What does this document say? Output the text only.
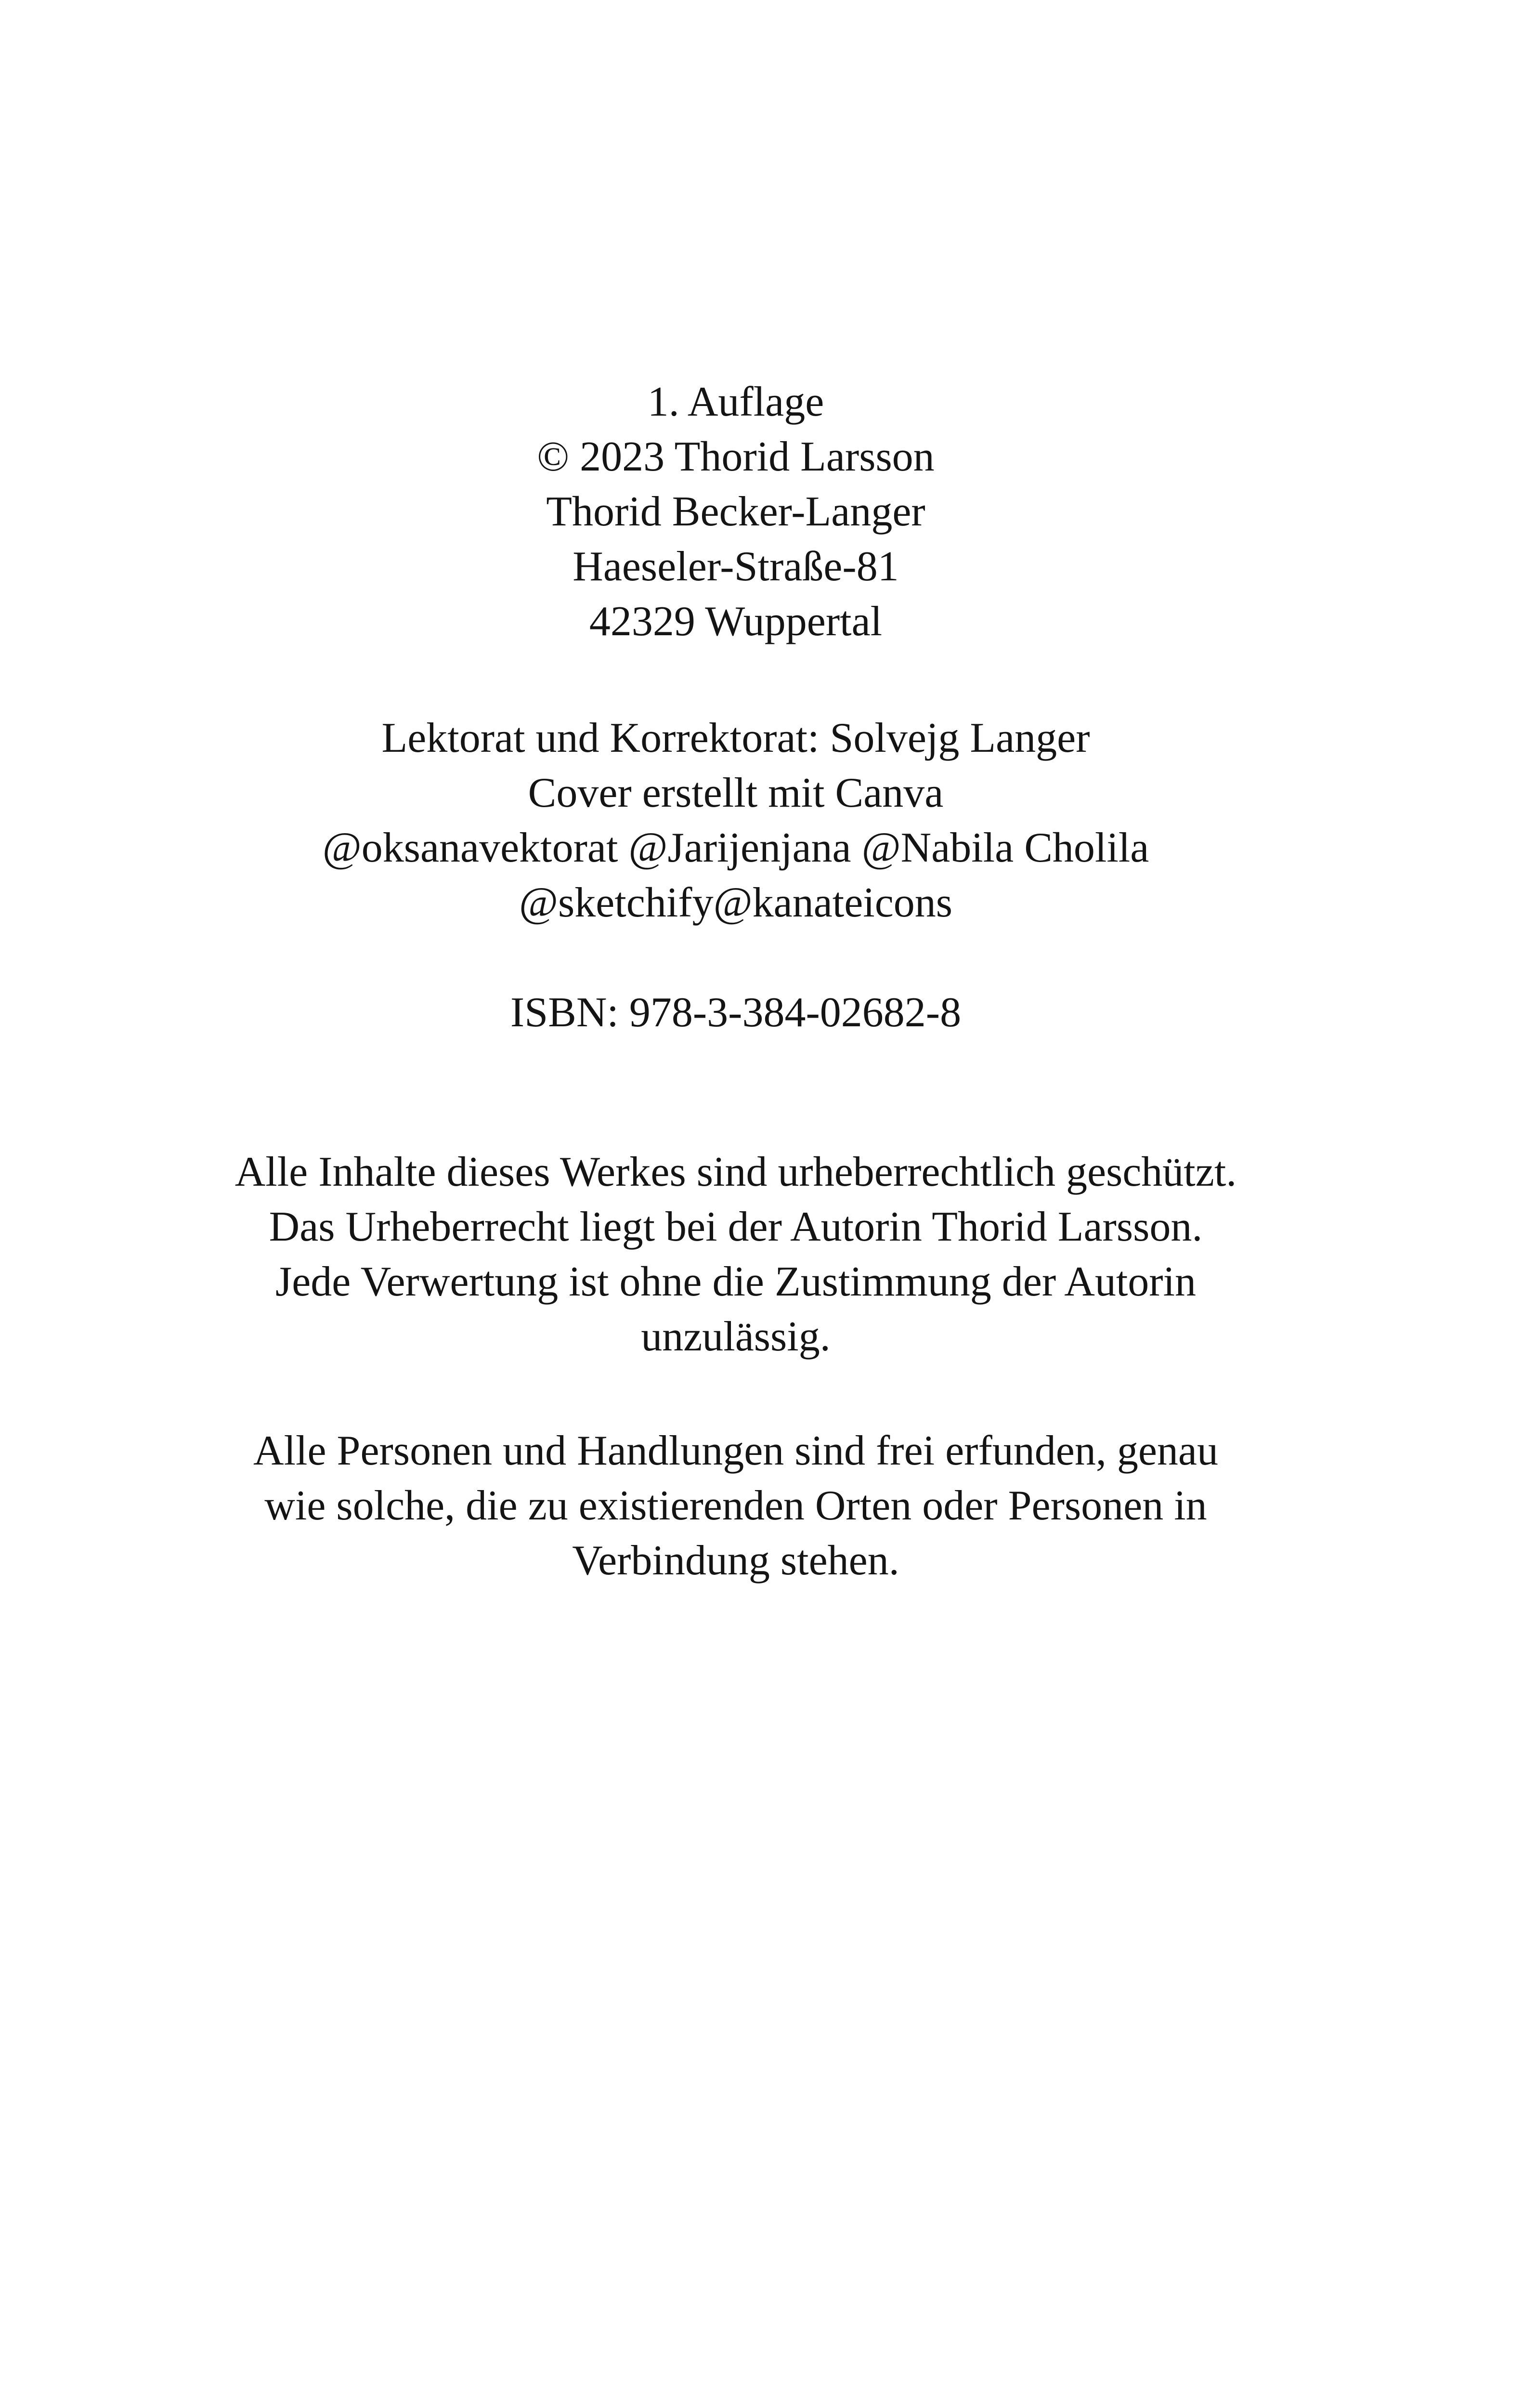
1. Auflage
© 2023 Thorid Larsson
Thorid Becker-Langer
Haeseler-Straße-81
42329 Wuppertal
Lektorat und Korrektorat: Solvejg Langer
Cover erstellt mit Canva
@oksanavektorat @Jarijenjana @Nabila Cholila
@sketchify@kanateicons
ISBN: 978-3-384-02682-8
Alle Inhalte dieses Werkes sind urheberrechtlich geschützt.
Das Urheberrecht liegt bei der Autorin Thorid Larsson.
Jede Verwertung ist ohne die Zustimmung der Autorin
unzulässig.
Alle Personen und Handlungen sind frei erfunden, genau
wie solche, die zu existierenden Orten oder Personen in
Verbindung stehen.
